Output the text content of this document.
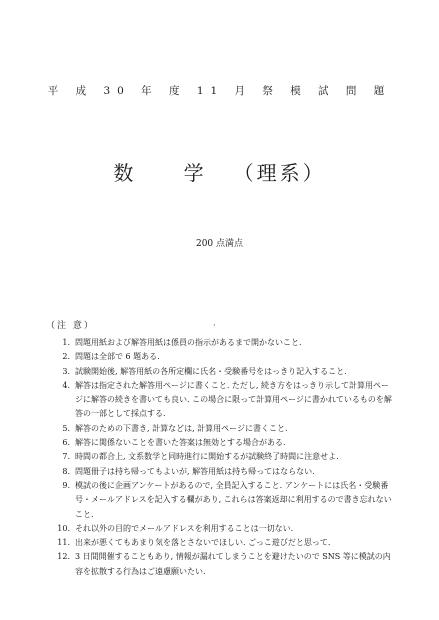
平 成 30 年 度 11 月 祭 模 試 問 題
数 学 （理系）
200 点満点
·
（注 意）
1. 問題用紙および解答用紙は係員の指示があるまで開かないこと.
2. 問題は全部で 6 題ある.
3. 試験開始後, 解答用紙の各所定欄に氏名・受験番号をはっきり記入すること.
4. 解答は指定された解答用ページに書くこと. ただし, 続き方をはっきり示して計算用ページに解答の続きを書いても良い. この場合に限って計算用ページに書かれているものを解答の一部として採点する.
5. 解答のための下書き, 計算などは, 計算用ページに書くこと.
6. 解答に関係ないことを書いた答案は無効とする場合がある.
7. 時間の都合上, 文系数学と同時進行に開始するが試験終了時間に注意せよ.
8. 問題冊子は持ち帰ってもよいが, 解答用紙は持ち帰ってはならない.
9. 模試の後に企画アンケートがあるので, 全員記入すること. アンケートには氏名・受験番号・メールアドレスを記入する欄があり, これらは答案返却に利用するので書き忘れないこと.
10. それ以外の目的でメールアドレスを利用することは一切ない.
11. 出来が悪くてもあまり気を落とさないでほしい. ごっこ遊びだと思って.
12. 3 日間開催することもあり, 情報が漏れてしまうことを避けたいので SNS 等に模試の内容を拡散する行為はご遠慮願いたい.
